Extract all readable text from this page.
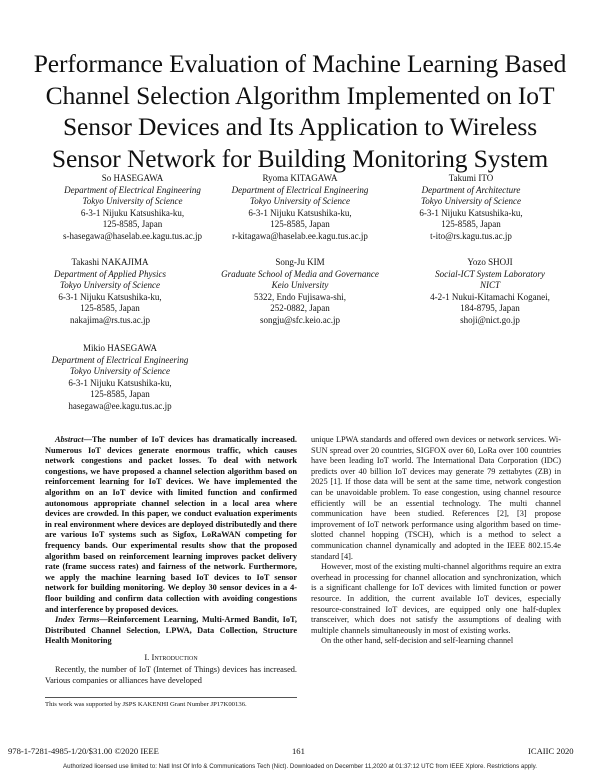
Performance Evaluation of Machine Learning Based Channel Selection Algorithm Implemented on IoT Sensor Devices and Its Application to Wireless Sensor Network for Building Monitoring System
So HASEGAWA
Department of Electrical Engineering
Tokyo University of Science
6-3-1 Nijuku Katsushika-ku,
125-8585, Japan
s-hasegawa@haselab.ee.kagu.tus.ac.jp
Ryoma KITAGAWA
Department of Electrical Engineering
Tokyo University of Science
6-3-1 Nijuku Katsushika-ku,
125-8585, Japan
r-kitagawa@haselab.ee.kagu.tus.ac.jp
Takumi ITO
Department of Architecture
Tokyo University of Science
6-3-1 Nijuku Katsushika-ku,
125-8585, Japan
t-ito@rs.kagu.tus.ac.jp
Takashi NAKAJIMA
Department of Applied Physics
Tokyo University of Science
6-3-1 Nijuku Katsushika-ku,
125-8585, Japan
nakajima@rs.tus.ac.jp
Song-Ju KIM
Graduate School of Media and Governance
Keio University
5322, Endo Fujisawa-shi,
252-0882, Japan
songju@sfc.keio.ac.jp
Yozo SHOJI
Social-ICT System Laboratory
NICT
4-2-1 Nukui-Kitamachi Koganei,
184-8795, Japan
shoji@nict.go.jp
Mikio HASEGAWA
Department of Electrical Engineering
Tokyo University of Science
6-3-1 Nijuku Katsushika-ku,
125-8585, Japan
hasegawa@ee.kagu.tus.ac.jp

Abstract—The number of IoT devices has dramatically increased. Numerous IoT devices generate enormous traffic, which causes network congestions and packet losses. To deal with network congestions, we have proposed a channel selection algorithm based on reinforcement learning for IoT devices. We have implemented the algorithm on an IoT device with limited function and confirmed autonomous appropriate channel selection in a local area where devices are crowded. In this paper, we conduct evaluation experiments in real environment where devices are deployed distributedly and there are various IoT systems such as Sigfox, LoRaWAN competing for frequency bands. Our experimental results show that the proposed algorithm based on reinforcement learning improves packet delivery rate (frame success rates) and fairness of the network. Furthermore, we apply the machine learning based IoT devices to IoT sensor network for building monitoring. We deploy 30 sensor devices in a 4-floor building and confirm data collection with avoiding congestions and interference by proposed devices.

Index Terms—Reinforcement Learning, Multi-Armed Bandit, IoT, Distributed Channel Selection, LPWA, Data Collection, Structure Health Monitoring

I. Introduction

Recently, the number of IoT (Internet of Things) devices has increased. Various companies or alliances have developed

This work was supported by JSPS KAKENHI Grant Number JP17K00136.

unique LPWA standards and offered own devices or network services. Wi-SUN spread over 20 countries, SIGFOX over 60, LoRa over 100 countries have been leading IoT world. The International Data Corporation (IDC) predicts over 40 billion IoT devices may generate 79 zettabytes (ZB) in 2025 [1]. If those data will be sent at the same time, network congestion can be unavoidable problem. To ease congestion, using channel resource efficiently will be an essential technology. The multi channel communication have been studied. References [2], [3] propose improvement of IoT network performance using algorithm based on time-slotted channel hopping (TSCH), which is a method to select a communication channel dynamically and adopted in the IEEE 802.15.4e standard [4].

However, most of the existing multi-channel algorithms require an extra overhead in processing for channel allocation and synchronization, which is a significant challenge for IoT devices with limited function or power resource. In addition, the current available IoT devices, especially resource-constrained IoT devices, are equipped only one half-duplex transceiver, which does not satisfy the assumptions of dealing with multiple channels simultaneously in most of existing works.

On the other hand, self-decision and self-learning channel

978-1-7281-4985-1/20/$31.00 ©2020 IEEE	161	ICAIIC 2020
Authorized licensed use limited to: Natl Inst Of Info & Communications Tech (Nict). Downloaded on December 11,2020 at 01:37:12 UTC from IEEE Xplore. Restrictions apply.
